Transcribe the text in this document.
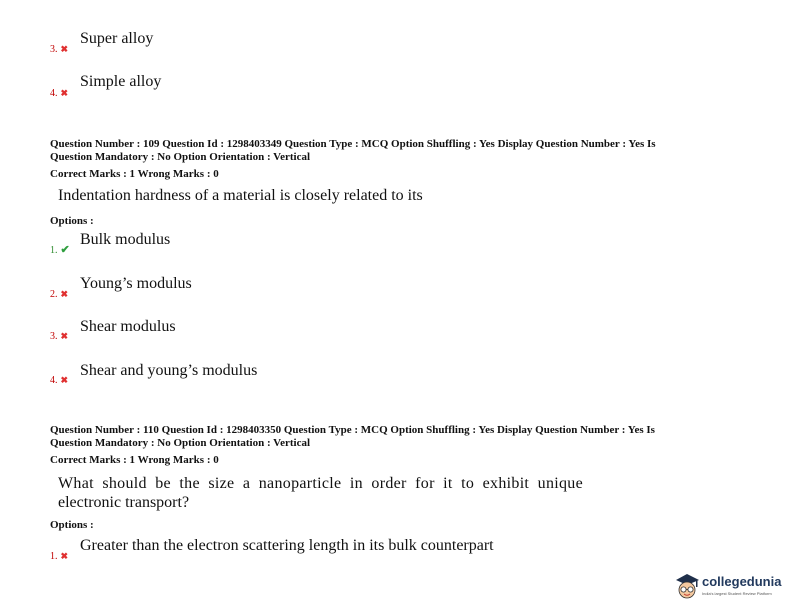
3. ✖
Super alloy
4. ✖
Simple alloy
Question Number : 109 Question Id : 1298403349 Question Type : MCQ Option Shuffling : Yes Display Question Number : Yes Is
Question Mandatory : No Option Orientation : Vertical
Correct Marks : 1 Wrong Marks : 0
Indentation hardness of a material is closely related to its
Options :
1. ✔
Bulk modulus
2. ✖
Young’s modulus
3. ✖
Shear modulus
4. ✖
Shear and young’s modulus
Question Number : 110 Question Id : 1298403350 Question Type : MCQ Option Shuffling : Yes Display Question Number : Yes Is
Question Mandatory : No Option Orientation : Vertical
Correct Marks : 1 Wrong Marks : 0
What should be the size a nanoparticle in order for it to exhibit unique
electronic transport?
Options :
1. ✖
Greater than the electron scattering length in its bulk counterpart
collegedunia
India's largest Student Review Platform
